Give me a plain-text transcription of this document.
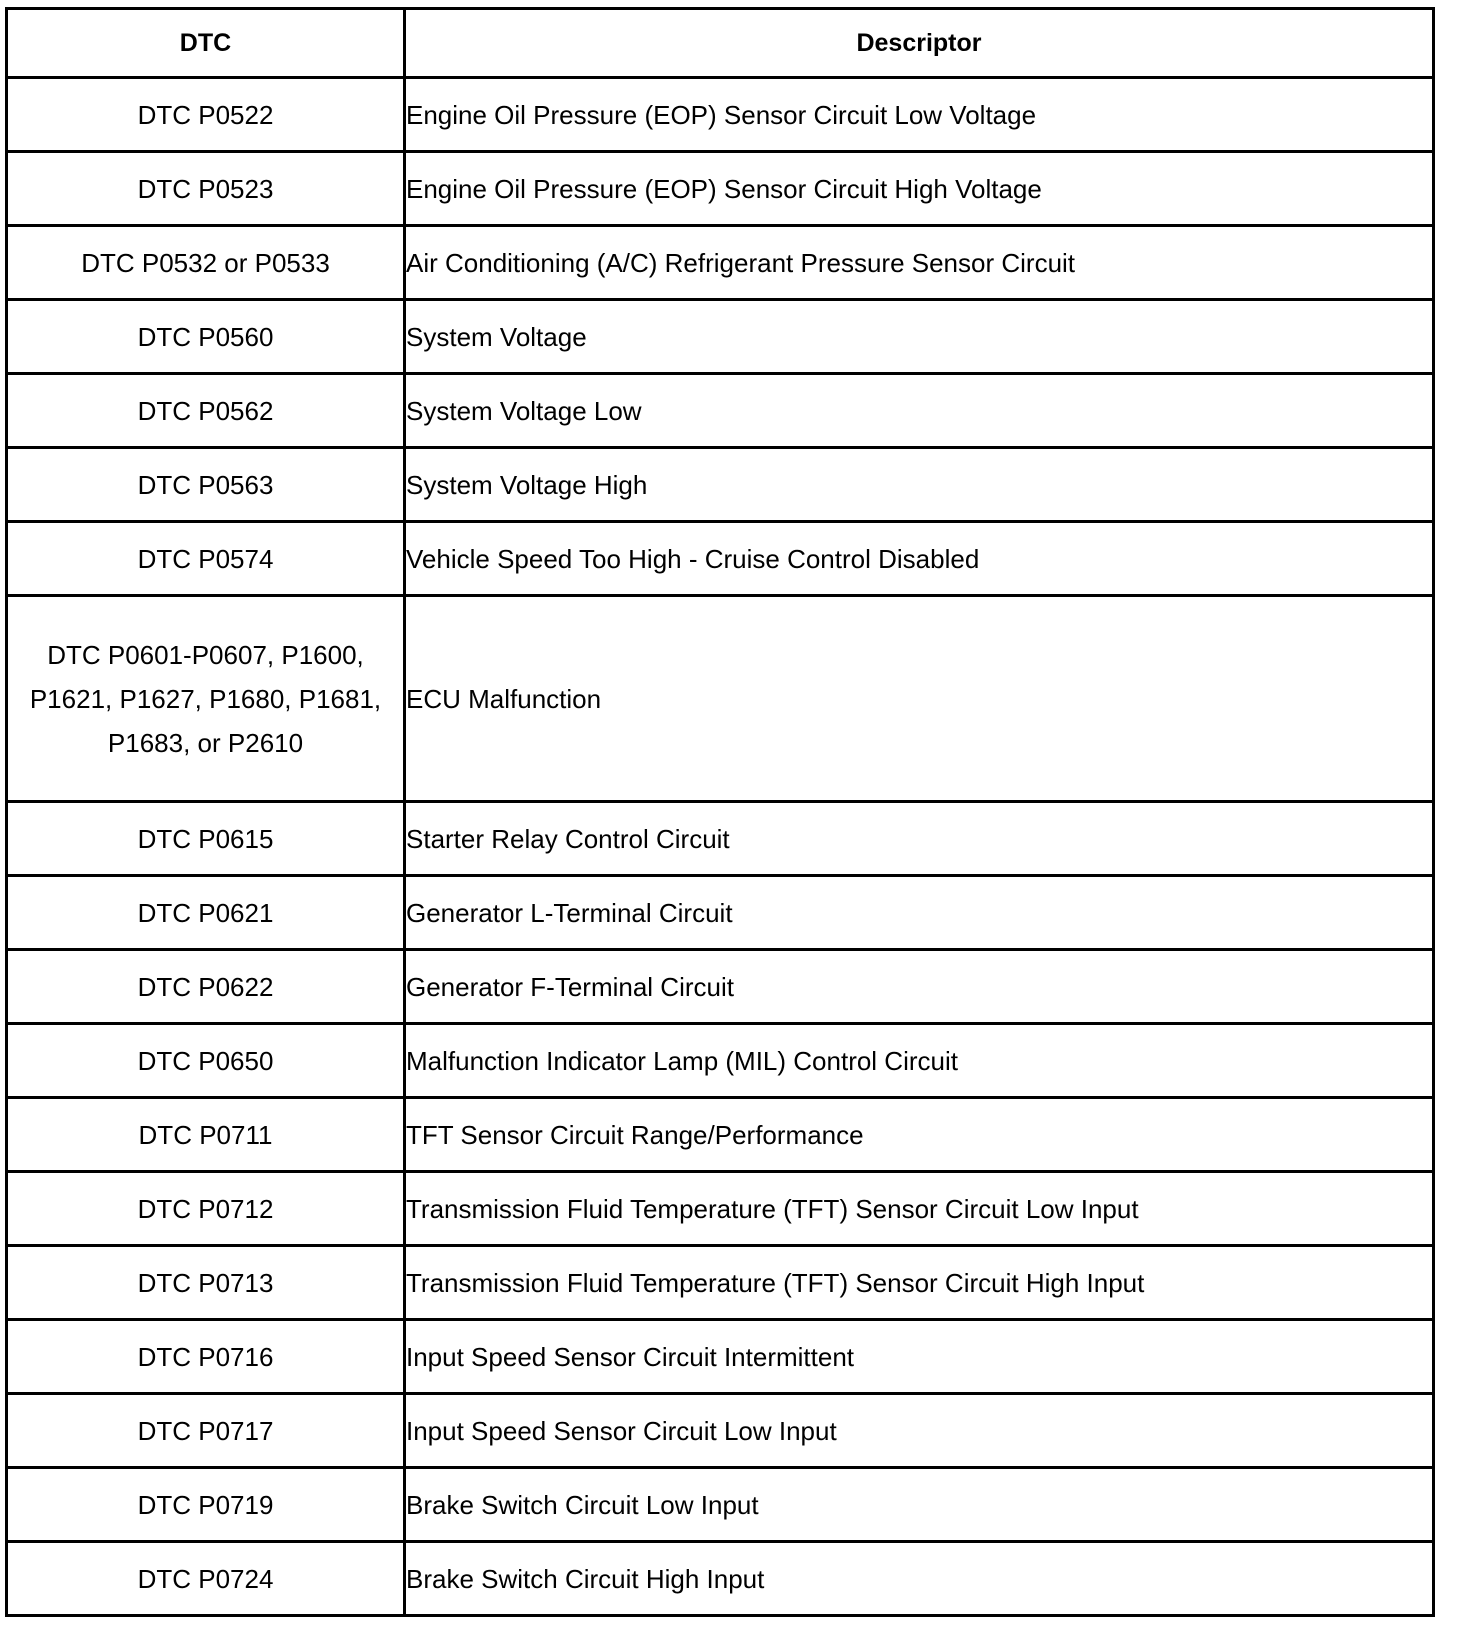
DTC	Descriptor
DTC P0522	Engine Oil Pressure (EOP) Sensor Circuit Low Voltage
DTC P0523	Engine Oil Pressure (EOP) Sensor Circuit High Voltage
DTC P0532 or P0533	Air Conditioning (A/C) Refrigerant Pressure Sensor Circuit
DTC P0560	System Voltage
DTC P0562	System Voltage Low
DTC P0563	System Voltage High
DTC P0574	Vehicle Speed Too High - Cruise Control Disabled
DTC P0601-P0607, P1600, P1621, P1627, P1680, P1681, P1683, or P2610	ECU Malfunction
DTC P0615	Starter Relay Control Circuit
DTC P0621	Generator L-Terminal Circuit
DTC P0622	Generator F-Terminal Circuit
DTC P0650	Malfunction Indicator Lamp (MIL) Control Circuit
DTC P0711	TFT Sensor Circuit Range/Performance
DTC P0712	Transmission Fluid Temperature (TFT) Sensor Circuit Low Input
DTC P0713	Transmission Fluid Temperature (TFT) Sensor Circuit High Input
DTC P0716	Input Speed Sensor Circuit Intermittent
DTC P0717	Input Speed Sensor Circuit Low Input
DTC P0719	Brake Switch Circuit Low Input
DTC P0724	Brake Switch Circuit High Input
